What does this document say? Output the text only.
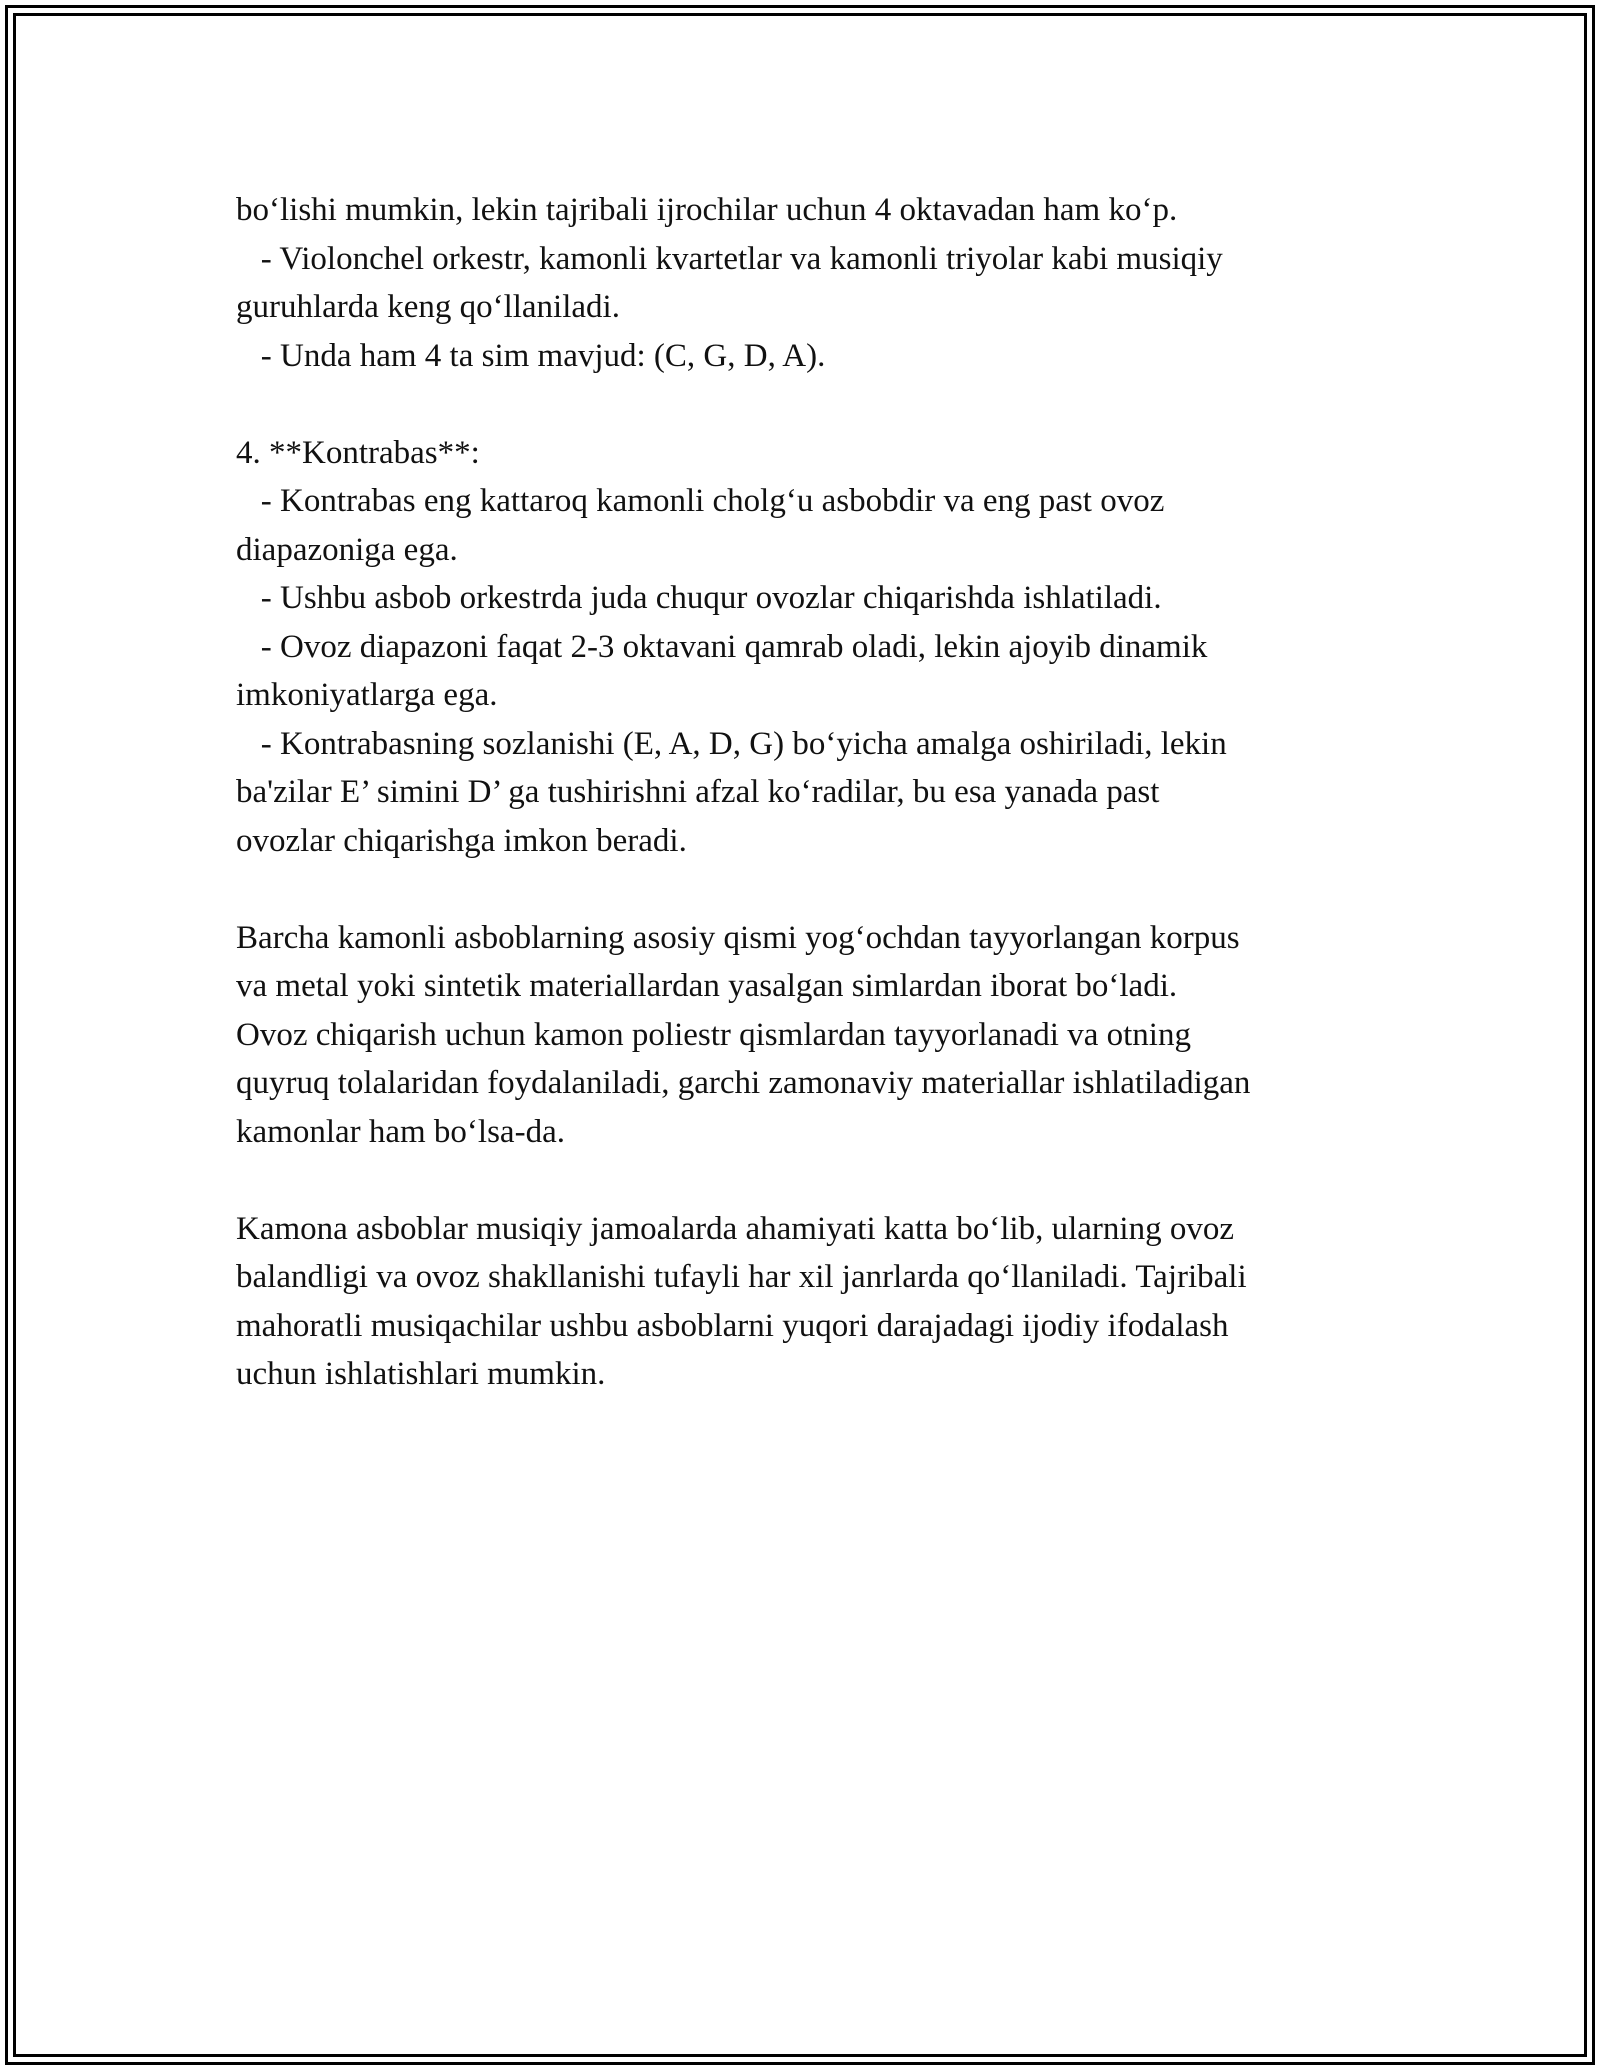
bo‘lishi mumkin, lekin tajribali ijrochilar uchun 4 oktavadan ham ko‘p.
- Violonchel orkestr, kamonli kvartetlar va kamonli triyolar kabi musiqiy
guruhlarda keng qo‘llaniladi.
- Unda ham 4 ta sim mavjud: (C, G, D, A).
4. **Kontrabas**:
- Kontrabas eng kattaroq kamonli cholg‘u asbobdir va eng past ovoz
diapazoniga ega.
- Ushbu asbob orkestrda juda chuqur ovozlar chiqarishda ishlatiladi.
- Ovoz diapazoni faqat 2-3 oktavani qamrab oladi, lekin ajoyib dinamik
imkoniyatlarga ega.
- Kontrabasning sozlanishi (E, A, D, G) bo‘yicha amalga oshiriladi, lekin
ba'zilar E’ simini D’ ga tushirishni afzal ko‘radilar, bu esa yanada past
ovozlar chiqarishga imkon beradi.
Barcha kamonli asboblarning asosiy qismi yog‘ochdan tayyorlangan korpus
va metal yoki sintetik materiallardan yasalgan simlardan iborat bo‘ladi.
Ovoz chiqarish uchun kamon poliestr qismlardan tayyorlanadi va otning
quyruq tolalaridan foydalaniladi, garchi zamonaviy materiallar ishlatiladigan
kamonlar ham bo‘lsa-da.
Kamona asboblar musiqiy jamoalarda ahamiyati katta bo‘lib, ularning ovoz
balandligi va ovoz shakllanishi tufayli har xil janrlarda qo‘llaniladi. Tajribali
mahoratli musiqachilar ushbu asboblarni yuqori darajadagi ijodiy ifodalash
uchun ishlatishlari mumkin.
